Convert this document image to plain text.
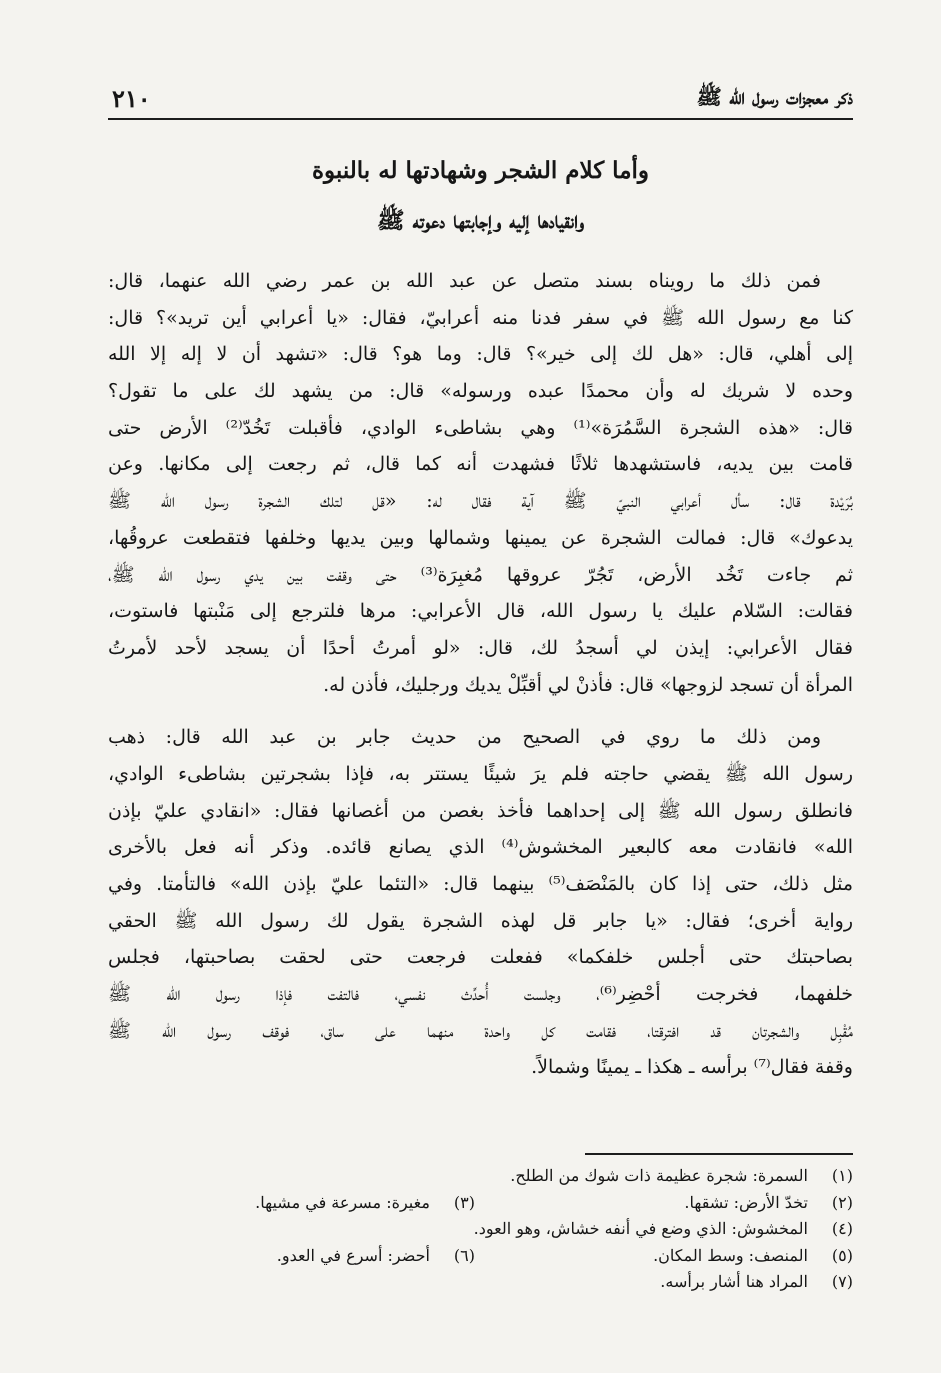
ذكر معجزات رسول الله ﷺ
٢١٠
وأما كلام الشجر وشهادتها له بالنبوة
وانقيادها إليه وإجابتها دعوته ﷺ
فمن ذلك ما رويناه بسند متصل عن عبد الله بن عمر رضي الله عنهما، قال:
كنا مع رسول الله ﷺ في سفر فدنا منه أعرابيّ، فقال: «يا أعرابي أين تريد»؟ قال:
إلى أهلي، قال: «هل لك إلى خير»؟ قال: وما هو؟ قال: «تشهد أن لا إله إلا الله
وحده لا شريك له وأن محمدًا عبده ورسوله» قال: من يشهد لك على ما تقول؟
قال: «هذه الشجرة السَّمُرَة»⁽¹⁾ وهي بشاطىء الوادي، فأقبلت تَخُدّ⁽²⁾ الأرض حتى
قامت بين يديه، فاستشهدها ثلاثًا فشهدت أنه كما قال، ثم رجعت إلى مكانها. وعن
بُرَيْدة قال: سأل أعرابي النبيّ ﷺ آية فقال له: «قل لتلك الشجرة رسول الله ﷺ
يدعوك» قال: فمالت الشجرة عن يمينها وشمالها وبين يديها وخلفها فتقطعت عروقُها،
ثم جاءت تَخُد الأرض، تَجُرّ عروقها مُغبِرَة⁽³⁾ حتى وقفت بين يدي رسول الله ﷺ،
فقالت: السّلام عليك يا رسول الله، قال الأعرابي: مرها فلترجع إلى مَنْبتها فاستوت،
فقال الأعرابي: إيذن لي أسجدُ لك، قال: «لو أمرتُ أحدًا أن يسجد لأحد لأمرتُ
المرأة أن تسجد لزوجها» قال: فأذنْ لي أقبِّلْ يديك ورجليك، فأذن له.
ومن ذلك ما روي في الصحيح من حديث جابر بن عبد الله قال: ذهب
رسول الله ﷺ يقضي حاجته فلم يرَ شيئًا يستتر به، فإذا بشجرتين بشاطىء الوادي،
فانطلق رسول الله ﷺ إلى إحداهما فأخذ بغصن من أغصانها فقال: «انقادي عليّ بإذن
الله» فانقادت معه كالبعير المخشوش⁽⁴⁾ الذي يصانع قائده. وذكر أنه فعل بالأخرى
مثل ذلك، حتى إذا كان بالمَنْصَف⁽⁵⁾ بينهما قال: «التئما عليّ بإذن الله» فالتأمتا. وفي
رواية أخرى؛ فقال: «يا جابر قل لهذه الشجرة يقول لك رسول الله ﷺ الحقي
بصاحبتك حتى أجلس خلفكما» ففعلت فرجعت حتى لحقت بصاحبتها، فجلس
خلفهما، فخرجت أحْضِر⁽⁶⁾، وجلست أُحدِّث نفسي، فالتفت فإذا رسول الله ﷺ
مُقْبِل والشجرتان قد افترقتا، فقامت كل واحدة منهما على ساق، فوقف رسول الله ﷺ
وقفة فقال⁽⁷⁾ برأسه ـ هكذا ـ يمينًا وشمالاً.
(١) السمرة: شجرة عظيمة ذات شوك من الطلح.
(٢) تخدّ الأرض: تشقها.
(٣) مغيرة: مسرعة في مشيها.
(٤) المخشوش: الذي وضع في أنفه خشاش، وهو العود.
(٥) المنصف: وسط المكان.
(٦) أحضر: أسرع في العدو.
(٧) المراد هنا أشار برأسه.
